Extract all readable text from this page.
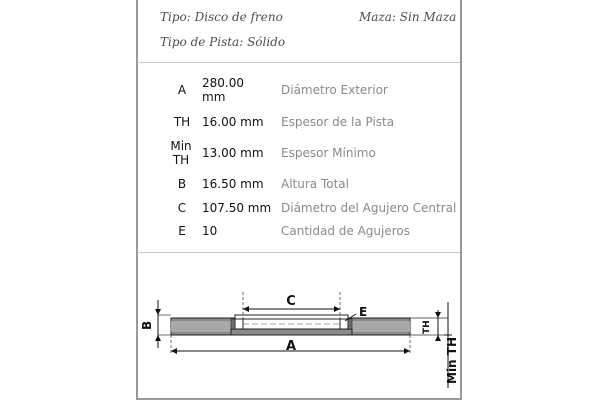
Tipo: Disco de freno	Maza: Sin Maza
Tipo de Pista: Sólido
A	280.00 mm	Diámetro Exterior
TH 16.00 mm	Espesor de la Pista
Min TH	13.00 mm	Espesor Mínimo
B	16.50 mm	Altura Total
C	107.50 mm Diámetro del Agujero Central
E	10	Cantidad de Agujeros
C
E
B
A
TH
Min TH
